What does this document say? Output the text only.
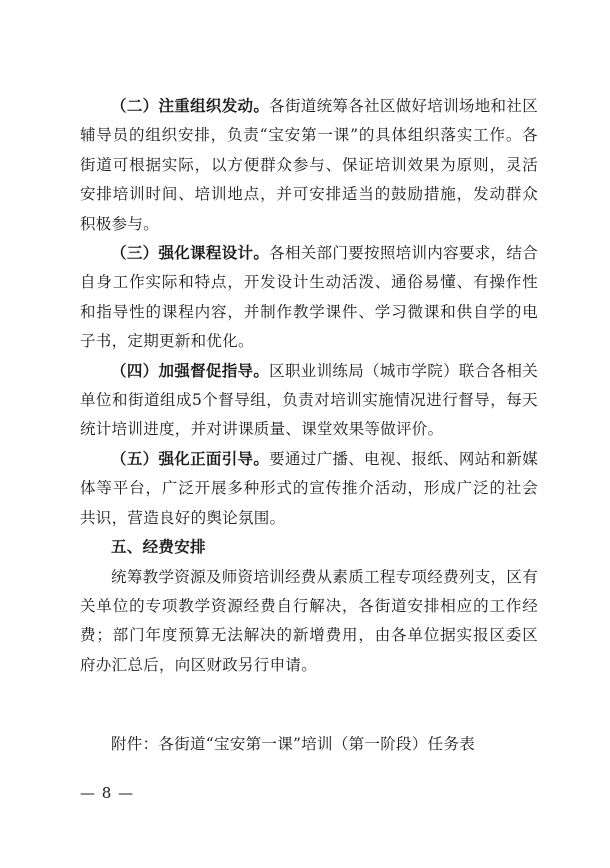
（二）注重组织发动。各街道统筹各社区做好培训场地和社区辅导员的组织安排，负责“宝安第一课”的具体组织落实工作。各街道可根据实际，以方便群众参与、保证培训效果为原则，灵活安排培训时间、培训地点，并可安排适当的鼓励措施，发动群众积极参与。

（三）强化课程设计。各相关部门要按照培训内容要求，结合自身工作实际和特点，开发设计生动活泼、通俗易懂、有操作性和指导性的课程内容，并制作教学课件、学习微课和供自学的电子书，定期更新和优化。

（四）加强督促指导。区职业训练局（城市学院）联合各相关单位和街道组成5个督导组，负责对培训实施情况进行督导，每天统计培训进度，并对讲课质量、课堂效果等做评价。

（五）强化正面引导。要通过广播、电视、报纸、网站和新媒体等平台，广泛开展多种形式的宣传推介活动，形成广泛的社会共识，营造良好的舆论氛围。

五、经费安排

统筹教学资源及师资培训经费从素质工程专项经费列支，区有关单位的专项教学资源经费自行解决，各街道安排相应的工作经费；部门年度预算无法解决的新增费用，由各单位据实报区委区府办汇总后，向区财政另行申请。

附件：各街道“宝安第一课”培训（第一阶段）任务表
— 8 —
